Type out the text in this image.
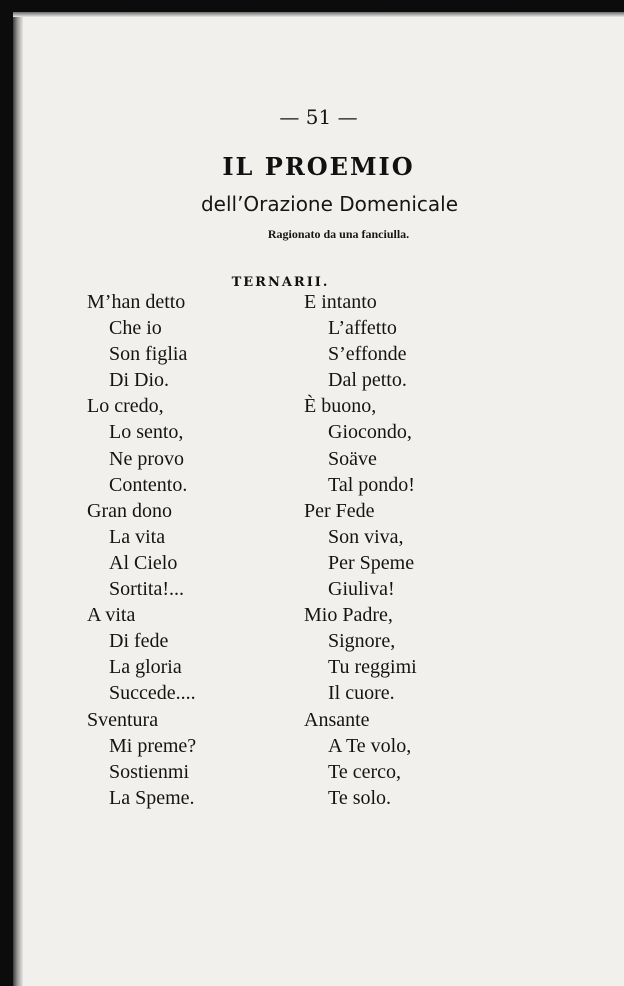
— 51 —
IL PROEMIO
dell’Orazione Domenicale
Ragionato da una fanciulla.
TERNARII.
M’han detto
Che io
Son figlia
Di Dio.
Lo credo,
Lo sento,
Ne provo
Contento.
Gran dono
La vita
Al Cielo
Sortita!...
A vita
Di fede
La gloria
Succede....
Sventura
Mi preme?
Sostienmi
La Speme.
E intanto
L’affetto
S’effonde
Dal petto.
È buono,
Giocondo,
Soäve
Tal pondo!
Per Fede
Son viva,
Per Speme
Giuliva!
Mio Padre,
Signore,
Tu reggimi
Il cuore.
Ansante
A Te volo,
Te cerco,
Te solo.
